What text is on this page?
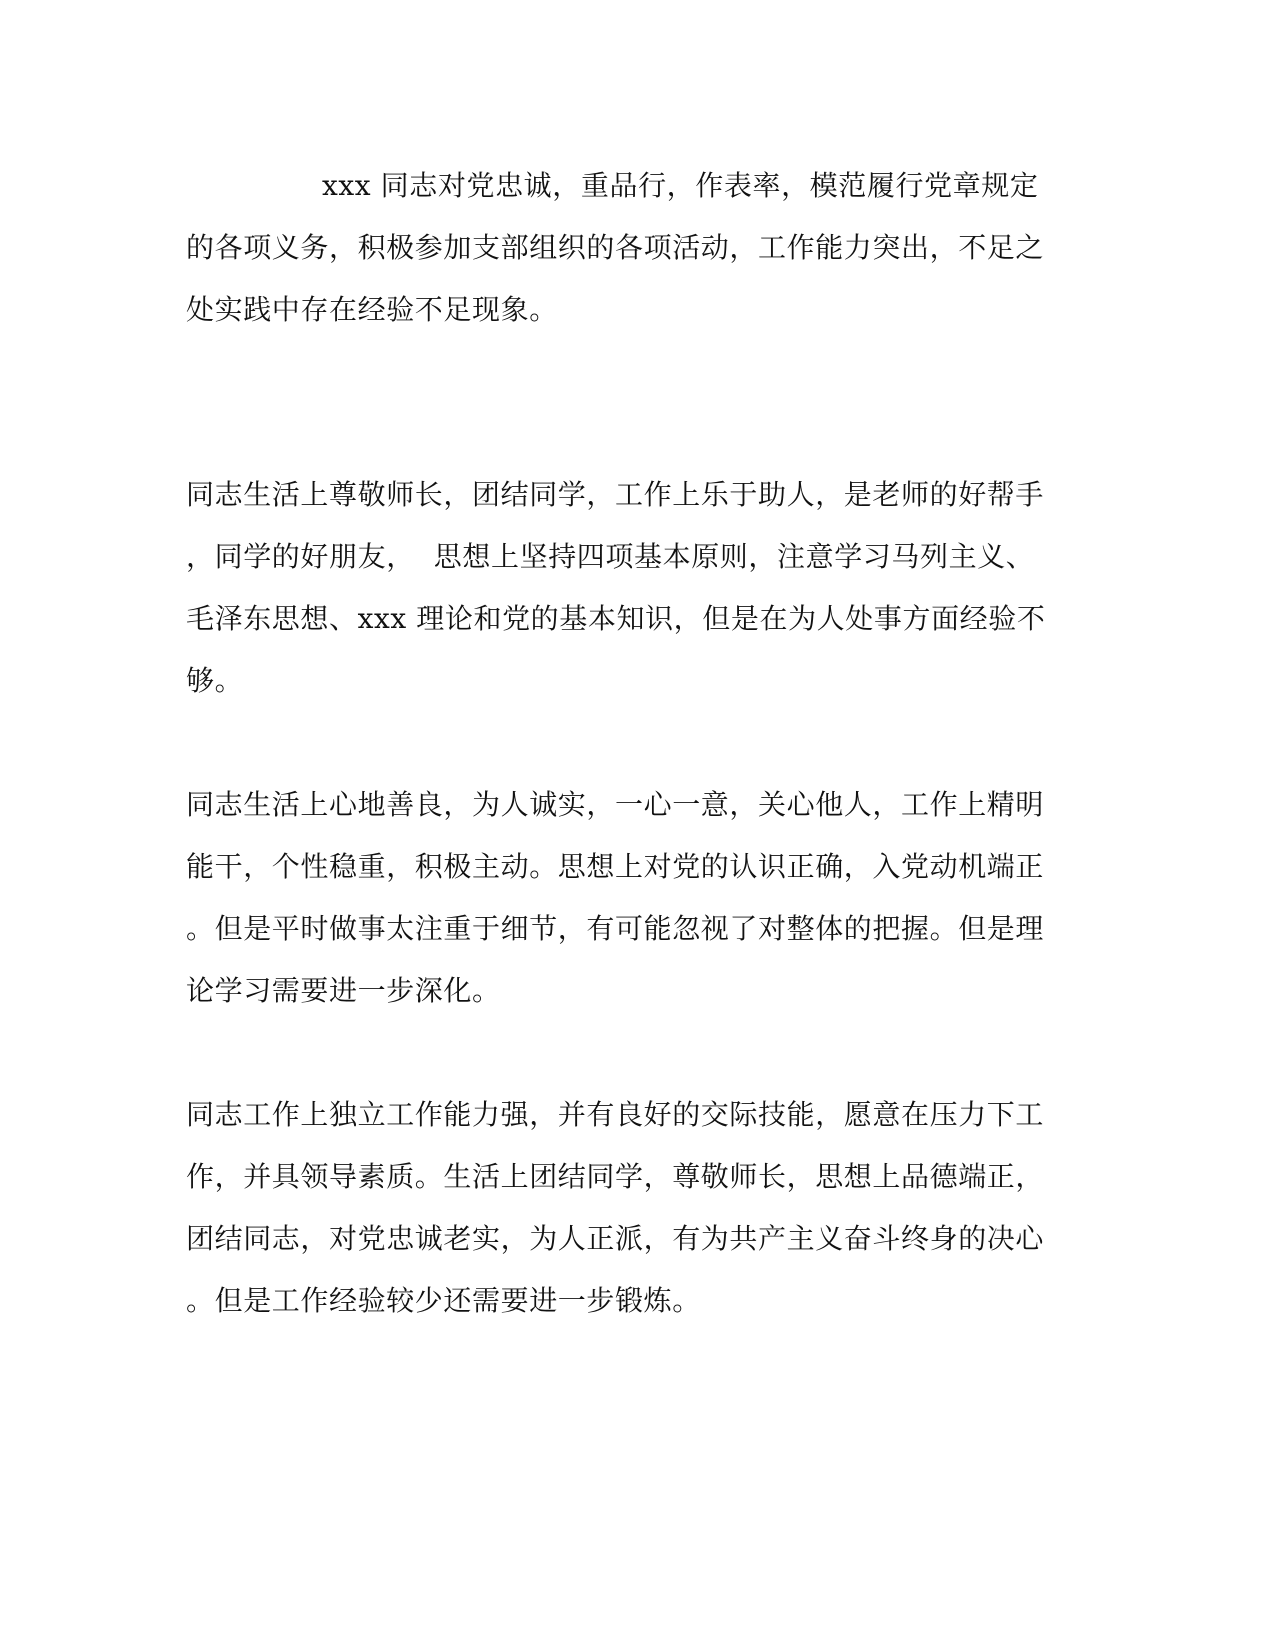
xxx 同志对党忠诚，重品行，作表率，模范履行党章规定
的各项义务，积极参加支部组织的各项活动，工作能力突出，不足之
处实践中存在经验不足现象。
同志生活上尊敬师长，团结同学，工作上乐于助人，是老师的好帮手
，同学的好朋友，  思想上坚持四项基本原则，注意学习马列主义、
毛泽东思想、xxx 理论和党的基本知识，但是在为人处事方面经验不
够。
同志生活上心地善良，为人诚实，一心一意，关心他人，工作上精明
能干，个性稳重，积极主动。思想上对党的认识正确，入党动机端正
。但是平时做事太注重于细节，有可能忽视了对整体的把握。但是理
论学习需要进一步深化。
同志工作上独立工作能力强，并有良好的交际技能，愿意在压力下工
作，并具领导素质。生活上团结同学，尊敬师长，思想上品德端正，
团结同志，对党忠诚老实，为人正派，有为共产主义奋斗终身的决心
。但是工作经验较少还需要进一步锻炼。
